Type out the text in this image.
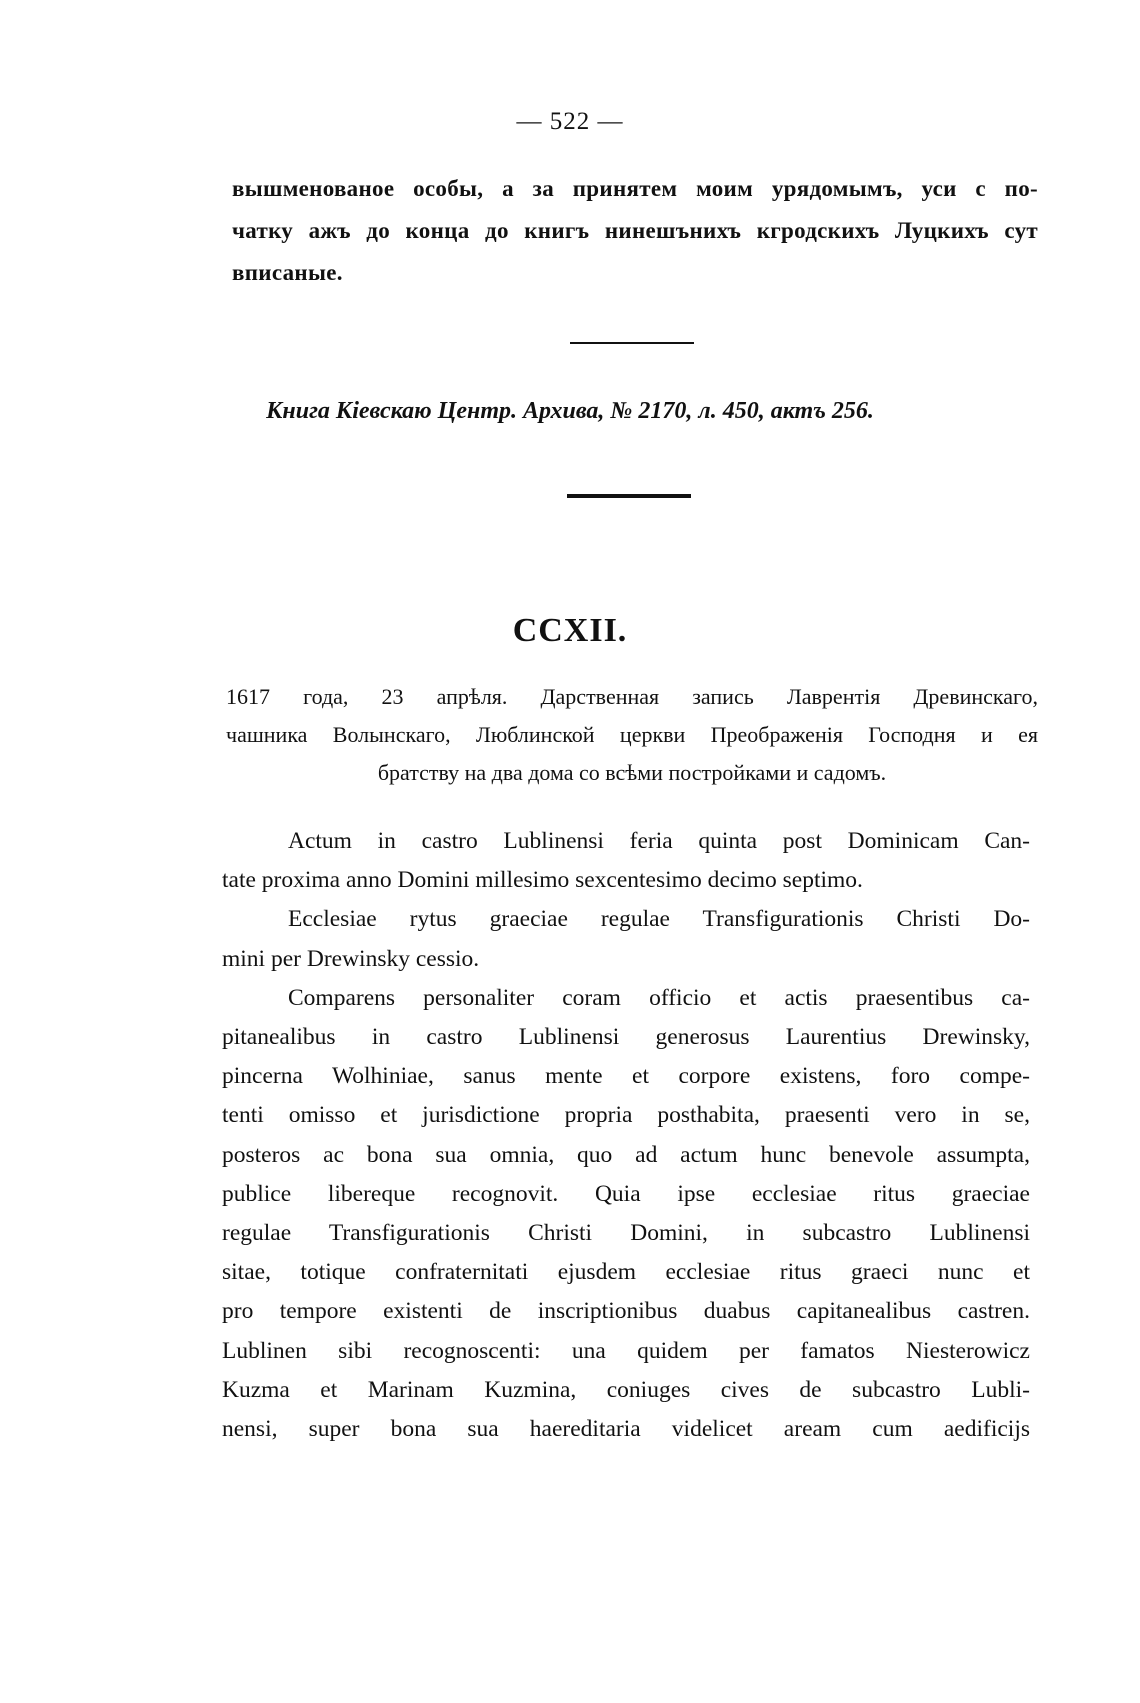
— 522 —
вышменованое особы, а за принятем моим урядомымъ, уси с по-
чатку ажъ до конца до книгъ нинешънихъ кгродскихъ Луцкихъ сут
вписаные.
Книга Кіевскаю Центр. Архива, № 2170, л. 450, актъ 256.
CCXII.
1617 года, 23 апрѣля. Дарственная запись Лаврентія Древинскаго,
чашника Волынскаго, Люблинской церкви Преображенія Господня и ея
братству на два дома со всѣми постройками и садомъ.
Actum in castro Lublinensi feria quinta post Dominicam Can-
tate proxima anno Domini millesimo sexcentesimo decimo septimo.
Ecclesiae rytus graeciae regulae Transfigurationis Christi Do-
mini per Drewinsky cessio.
Comparens personaliter coram officio et actis praesentibus ca-
pitanealibus in castro Lublinensi generosus Laurentius Drewinsky,
pincerna Wolhiniae, sanus mente et corpore existens, foro compe-
tenti omisso et jurisdictione propria posthabita, praesenti vero in se,
posteros ac bona sua omnia, quo ad actum hunc benevole assumpta,
publice libereque recognovit. Quia ipse ecclesiae ritus graeciae
regulae Transfigurationis Christi Domini, in subcastro Lublinensi
sitae, totique confraternitati ejusdem ecclesiae ritus graeci nunc et
pro tempore existenti de inscriptionibus duabus capitanealibus castren.
Lublinen sibi recognoscenti: una quidem per famatos Niesterowicz
Kuzma et Marinam Kuzmina, coniuges cives de subcastro Lubli-
nensi, super bona sua haereditaria videlicet aream cum aedificijs
